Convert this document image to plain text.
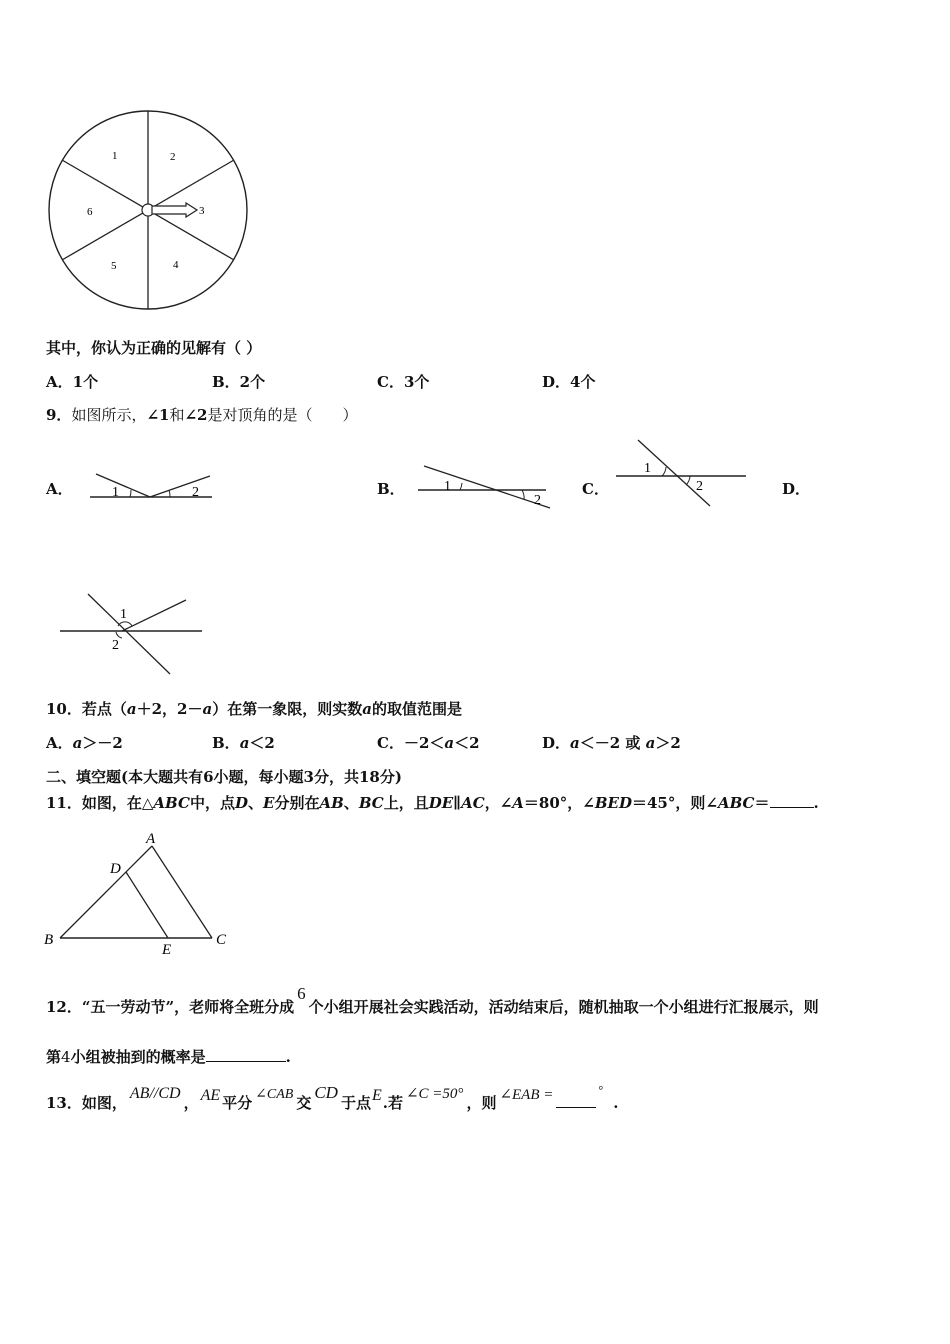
1	2
3
4
5
6
其中，你认为正确的见解有（ ）
A．1个	B．2个	C．3个	D．4个
9．如图所示，∠1和∠2是对顶角的是（　　）
A．	1	2	B．	1
2
C．
1
2	D．
1
2
10．若点（a＋2，2－a）在第一象限，则实数a的取值范围是
A．a＞－2	B．a＜2	C．－2＜a＜2	D．a＜－2 或 a＞2
二、填空题(本大题共有6小题，每小题3分，共18分)
11．如图，在△ABC中，点D、E分别在AB、BC上，且DE∥AC，∠A＝80°，∠BED＝45°，则∠ABC＝	.
A
B	C
D
E
12．“五一劳动节”，老师将全班分成6个小组开展社会实践活动，活动结束后，随机抽取一个小组进行汇报展示，则
第4小组被抽到的概率是	.
13．如图，AB//CD， AE 平分 ∠CAB 交CD于点E.若 ∠C =50° ，则 ∠EAB =	°.
